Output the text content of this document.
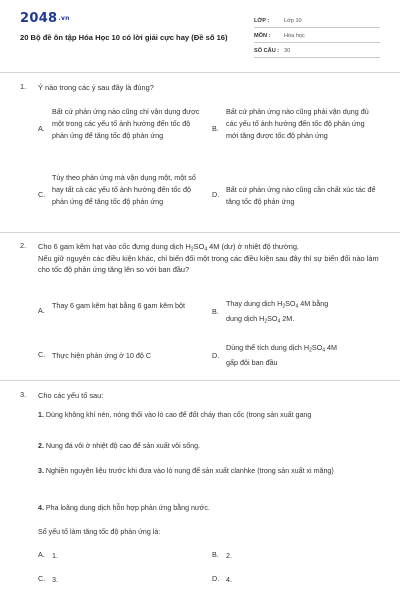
2048.vn
20 Bộ đề ôn tập Hóa Học 10 có lời giải cực hay (Đề số 16)
LỚP :	Lớp 10
MÔN : Hóa học
SỐ CÂU : 30
1.	Ý nào trong các ý sau đây là đúng?
A.
Bất cứ phản ứng nào cũng chỉ vận dụng được một trong các yếu tố ảnh hưởng đến tốc độ phản ứng để tăng tốc độ phản ứng
B.
Bất cứ phản ứng nào cũng phải vận dụng đủ các yếu tố ảnh hưởng đến tốc độ phản ứng mới tăng được tốc độ phản ứng
C.
Tùy theo phản ứng mà vận dụng một, một số hay tất cả các yếu tố ảnh hưởng đến tốc độ phản ứng để tăng tốc độ phản ứng
D.
Bất cứ phản ứng nào cũng cần chất xúc tác để tăng tốc độ phản ứng
2.	Cho 6 gam kẽm hạt vào cốc đựng dung dịch $H_2SO_4$ 4M (dư) ở nhiệt độ thường.
Nếu giữ nguyên các điều kiện khác, chỉ biến đổi một trong các điều kiện sau đây thì sự biến đổi nào làm cho tốc độ phản ứng tăng lên so với ban đầu?
A.
Thay 6 gam kẽm hạt bằng 6 gam kẽm bột
B.
Thay dung dịch $H_2SO_4$ 4M bằng
dung dịch $H_2SO_4$ 2M.
C. Thực hiện phản ứng ở 10 độ C	D.
Dùng thể tích dung dịch $H_2SO_4$ 4M
gấp đôi ban đầu
3.	Cho các yếu tố sau:
1. Dùng không khí nén, nóng thổi vào lò cao để đốt cháy than cốc (trong sản xuất gang
2. Nung đá vôi ở nhiệt độ cao để sản xuất vôi sống.
3. Nghiền nguyên liệu trước khi đưa vào lò nung để sản xuất clanhke (trong sản xuất xi măng)
4. Pha loãng dung dịch hỗn hợp phản ứng bằng nước.
Số yếu tố làm tăng tốc độ phản ứng là:
A.	1.	B.	2.
C. 3.	D. 4.
